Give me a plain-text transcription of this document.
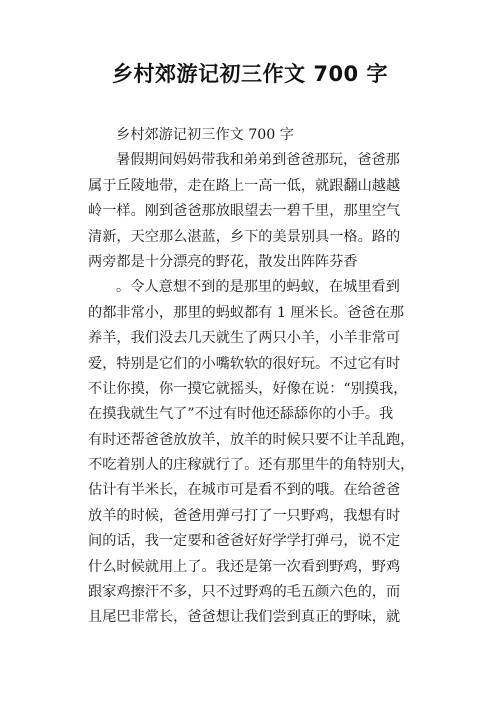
乡村郊游记初三作文 700 字
乡村郊游记初三作文 700 字
暑假期间妈妈带我和弟弟到爸爸那玩，爸爸那
属于丘陵地带，走在路上一高一低，就跟翻山越越
岭一样。刚到爸爸那放眼望去一碧千里，那里空气
清新，天空那么湛蓝，乡下的美景别具一格。路的
两旁都是十分漂亮的野花，散发出阵阵芬香
。令人意想不到的是那里的蚂蚁，在城里看到
的都非常小，那里的蚂蚁都有 1 厘米长。爸爸在那
养羊，我们没去几天就生了两只小羊，小羊非常可
爱，特别是它们的小嘴软软的很好玩。不过它有时
不让你摸，你一摸它就摇头，好像在说：“别摸我，
在摸我就生气了”不过有时他还舔舔你的小手。我
有时还帮爸爸放放羊，放羊的时候只要不让羊乱跑，
不吃着别人的庄稼就行了。还有那里牛的角特别大，
估计有半米长，在城市可是看不到的哦。在给爸爸
放羊的时候，爸爸用弹弓打了一只野鸡，我想有时
间的话，我一定要和爸爸好好学学打弹弓，说不定
什么时候就用上了。我还是第一次看到野鸡，野鸡
跟家鸡擦汗不多，只不过野鸡的毛五颜六色的，而
且尾巴非常长，爸爸想让我们尝到真正的野味，就
